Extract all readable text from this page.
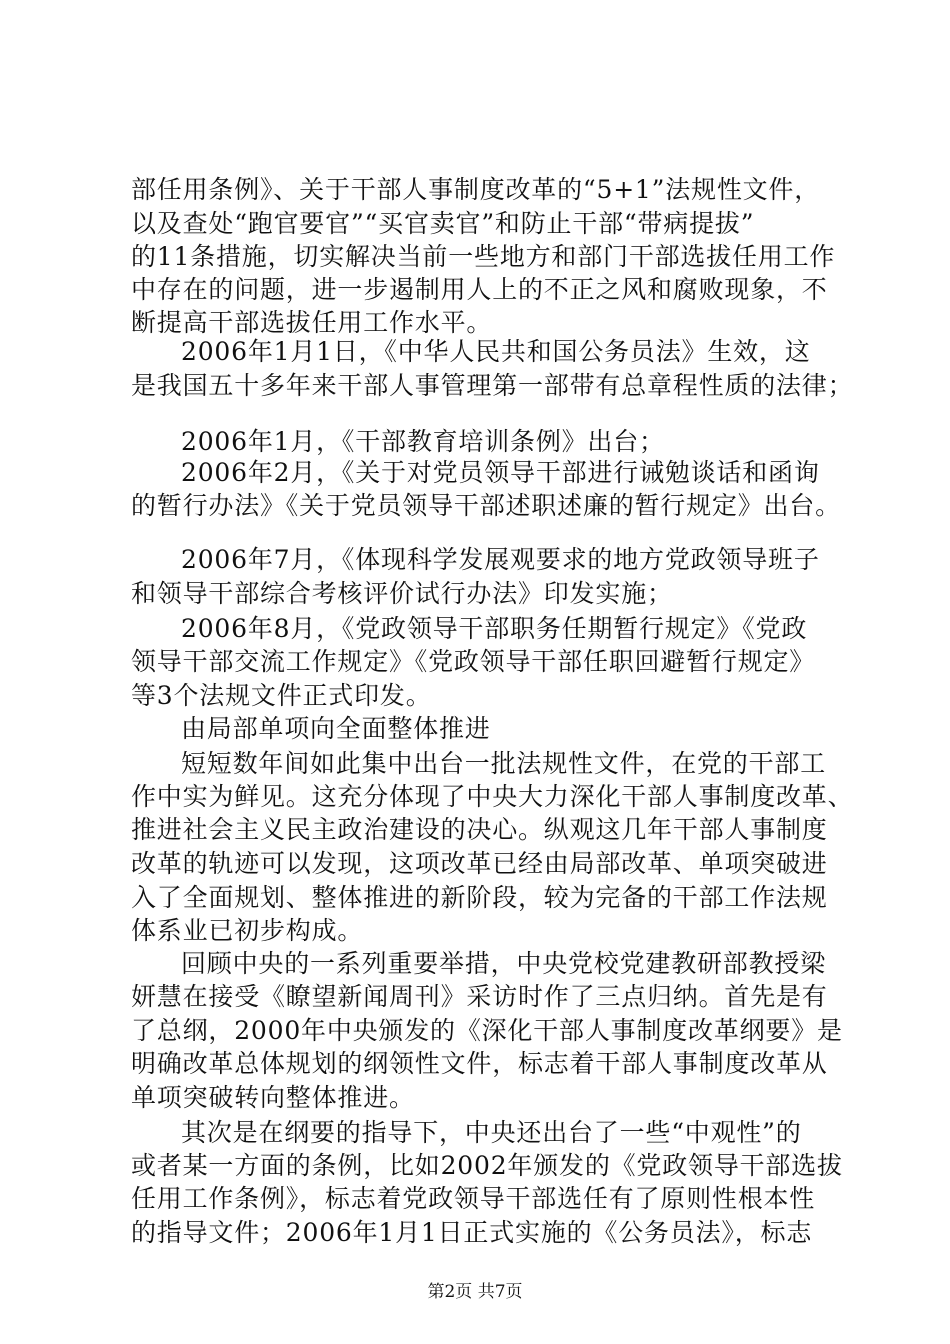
部任用条例》、关于干部人事制度改革的“5+1”法规性文件，
以及查处“跑官要官”“买官卖官”和防止干部“带病提拔”
的11条措施，切实解决当前一些地方和部门干部选拔任用工作
中存在的问题，进一步遏制用人上的不正之风和腐败现象，不
断提高干部选拔任用工作水平。
2006年1月1日，《中华人民共和国公务员法》生效，这
是我国五十多年来干部人事管理第一部带有总章程性质的法律；
2006年1月，《干部教育培训条例》出台；
2006年2月，《关于对党员领导干部进行诫勉谈话和函询
的暂行办法》《关于党员领导干部述职述廉的暂行规定》出台。
2006年7月，《体现科学发展观要求的地方党政领导班子
和领导干部综合考核评价试行办法》印发实施；
2006年8月，《党政领导干部职务任期暂行规定》《党政
领导干部交流工作规定》《党政领导干部任职回避暂行规定》
等3个法规文件正式印发。
由局部单项向全面整体推进
短短数年间如此集中出台一批法规性文件，在党的干部工
作中实为鲜见。这充分体现了中央大力深化干部人事制度改革、
推进社会主义民主政治建设的决心。纵观这几年干部人事制度
改革的轨迹可以发现，这项改革已经由局部改革、单项突破进
入了全面规划、整体推进的新阶段，较为完备的干部工作法规
体系业已初步构成。
回顾中央的一系列重要举措，中央党校党建教研部教授梁
妍慧在接受《瞭望新闻周刊》采访时作了三点归纳。首先是有
了总纲，2000年中央颁发的《深化干部人事制度改革纲要》是
明确改革总体规划的纲领性文件，标志着干部人事制度改革从
单项突破转向整体推进。
其次是在纲要的指导下，中央还出台了一些“中观性”的
或者某一方面的条例，比如2002年颁发的《党政领导干部选拔
任用工作条例》，标志着党政领导干部选任有了原则性根本性
的指导文件；2006年1月1日正式实施的《公务员法》，标志
第2页 共7页
